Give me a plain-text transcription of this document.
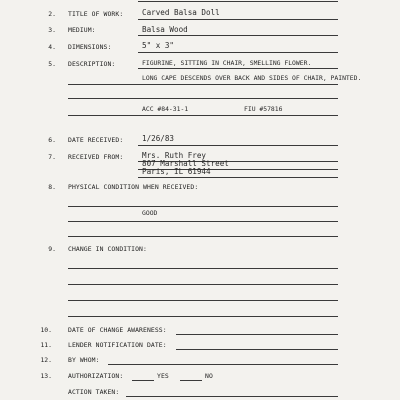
2. TITLE OF WORK: Carved Balsa Doll
3. MEDIUM:	Balsa Wood
4. DIMENSIONS:	5" x 3"
5. DESCRIPTION:	FIGURINE, SITTING IN CHAIR, SMELLING FLOWER.
LONG CAPE DESCENDS OVER BACK AND SIDES OF CHAIR, PAINTED.
ACC #84-31-1	FIU #57816
6. DATE RECEIVED: 1/26/83
7. RECEIVED FROM: Mrs. Ruth Frey
807 Marshall Street
Paris, IL 61944
8. PHYSICAL CONDITION WHEN RECEIVED:
GOOD
9. CHANGE IN CONDITION:
10.	DATE OF CHANGE AWARENESS:
11.	LENDER NOTIFICATION DATE:
12.	BY WHOM:
13.	AUTHORIZATION:	YES	NO
ACTION TAKEN:
